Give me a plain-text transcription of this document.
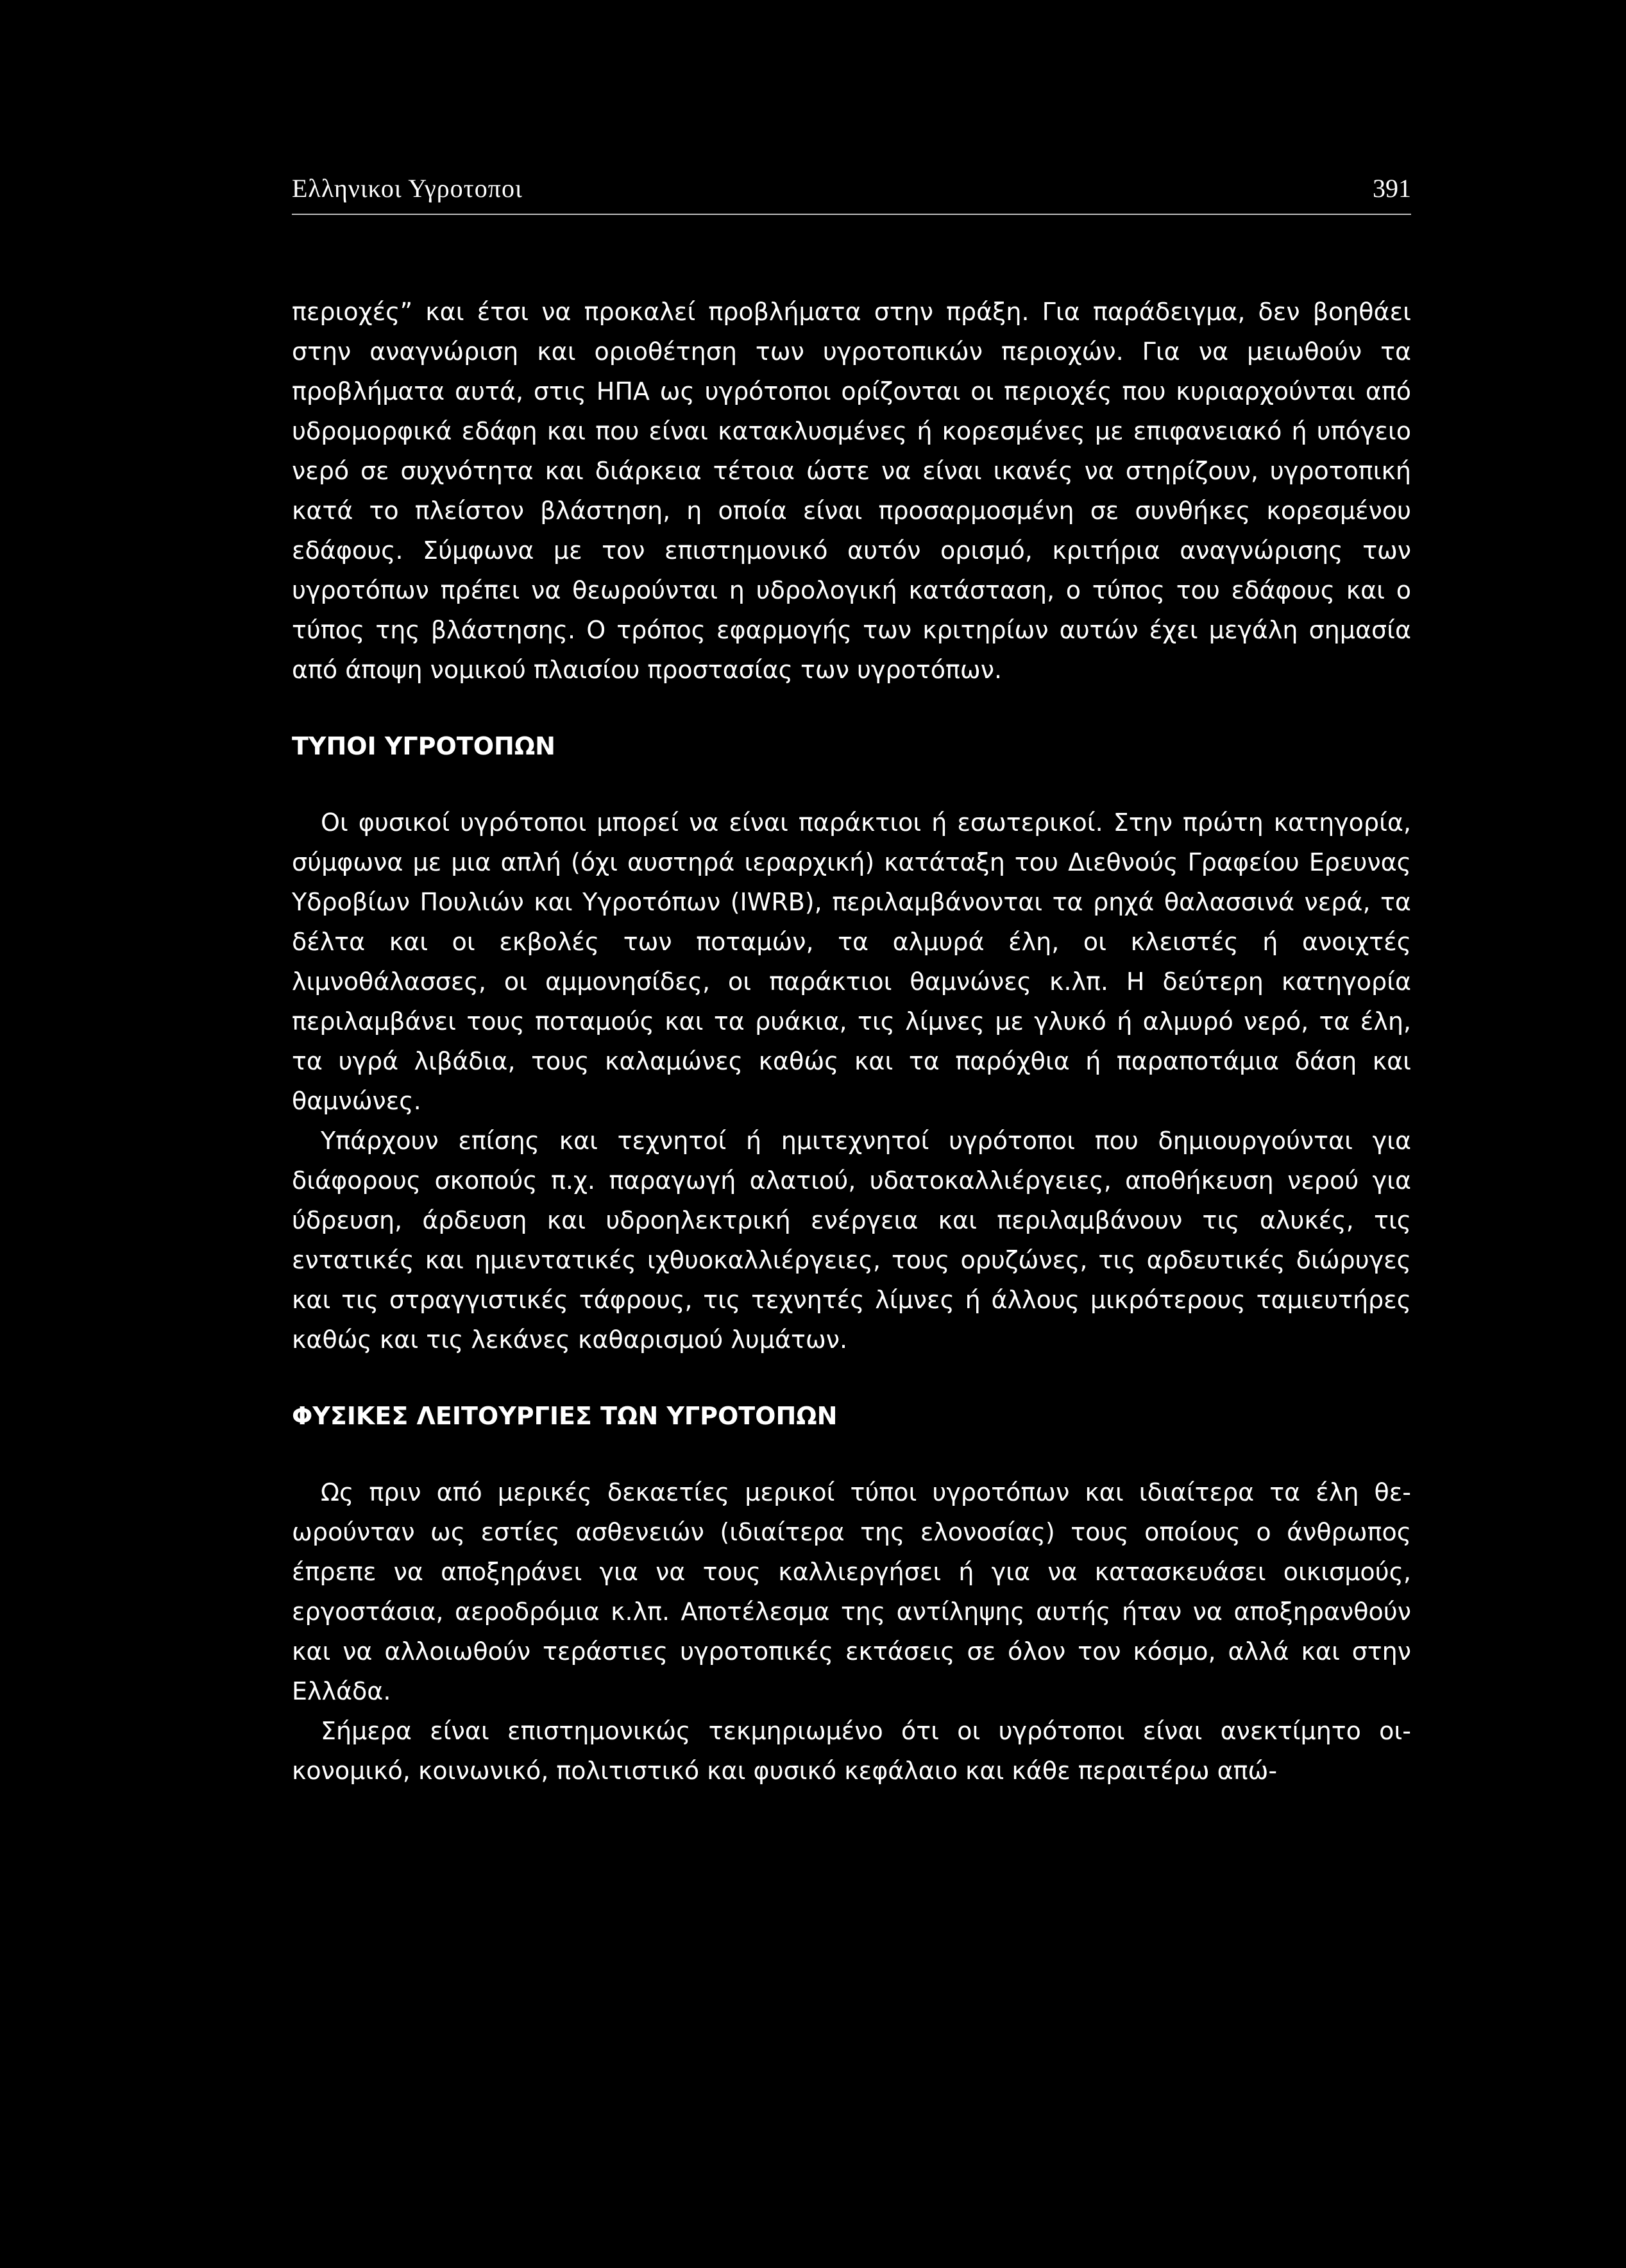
Ελληνικοι Υγροτοποι	391

περιοχές” και έτσι να προκαλεί προβλήματα στην πράξη. Για παράδειγμα, δεν βοηθάει στην αναγνώριση και οριοθέτηση των υγροτοπικών περιοχών. Για να μειωθούν τα προβλήματα αυτά, στις ΗΠΑ ως υγρότοποι ορίζονται οι περιοχές που κυριαρχούνται από υδρομορφικά εδάφη και που είναι κατακλυσμένες ή κορεσμένες με επιφανειακό ή υπόγειο νερό σε συχνότητα και διάρκεια τέτοια ώστε να είναι ικανές να στηρίζουν, υγροτοπική κατά το πλείστον βλάστηση, η οποία είναι προσαρμοσμένη σε συνθήκες κορεσμένου εδάφους. Σύμφωνα με τον επιστημονικό αυτόν ορισμό, κριτήρια αναγνώρισης των υγροτόπων πρέπει να θεωρούνται η υδρολογική κατάσταση, ο τύπος του εδάφους και ο τύπος της βλάστησης. Ο τρόπος εφαρμογής των κριτηρίων αυτών έχει μεγάλη σημασία από άποψη νομικού πλαισίου προστασίας των υγροτόπων.

ΤΥΠΟΙ ΥΓΡΟΤΟΠΩΝ

Οι φυσικοί υγρότοποι μπορεί να είναι παράκτιοι ή εσωτερικοί. Στην πρώτη κατηγορία, σύμφωνα με μια απλή (όχι αυστηρά ιεραρχική) κατάταξη του Διεθνούς Γραφείου Ερευνας Υδροβίων Πουλιών και Υγροτόπων (IWRB), περιλαμβάνονται τα ρηχά θαλασσινά νερά, τα δέλτα και οι εκβολές των ποταμών, τα αλμυρά έλη, οι κλειστές ή ανοιχτές λιμνοθάλασσες, οι αμμονησίδες, οι παράκτιοι θαμνώνες κ.λπ. Η δεύτερη κατηγορία περιλαμβάνει τους ποταμούς και τα ρυάκια, τις λίμνες με γλυκό ή αλμυρό νερό, τα έλη, τα υγρά λιβάδια, τους καλαμώνες καθώς και τα παρόχθια ή παραποτάμια δάση και θαμνώνες.

Υπάρχουν επίσης και τεχνητοί ή ημιτεχνητοί υγρότοποι που δημιουργούνται για διάφορους σκοπούς π.χ. παραγωγή αλατιού, υδατοκαλλιέργειες, αποθήκευση νερού για ύδρευση, άρδευση και υδροηλεκτρική ενέργεια και περιλαμβάνουν τις αλυκές, τις εντατικές και ημιεντατικές ιχθυοκαλλιέργειες, τους ορυζώνες, τις αρδευτικές διώρυγες και τις στραγγιστικές τάφρους, τις τεχνητές λίμνες ή άλλους μικρότερους ταμιευτήρες καθώς και τις λεκάνες καθαρισμού λυμάτων.

ΦΥΣΙΚΕΣ ΛΕΙΤΟΥΡΓΙΕΣ ΤΩΝ ΥΓΡΟΤΟΠΩΝ

Ως πριν από μερικές δεκαετίες μερικοί τύποι υγροτόπων και ιδιαίτερα τα έλη θεωρούνταν ως εστίες ασθενειών (ιδιαίτερα της ελονοσίας) τους οποίους ο άνθρωπος έπρεπε να αποξηράνει για να τους καλλιεργήσει ή για να κατασκευάσει οικισμούς, εργοστάσια, αεροδρόμια κ.λπ. Αποτέλεσμα της αντίληψης αυτής ήταν να αποξηρανθούν και να αλλοιωθούν τεράστιες υγροτοπικές εκτάσεις σε όλον τον κόσμο, αλλά και στην Ελλάδα.

Σήμερα είναι επιστημονικώς τεκμηριωμένο ότι οι υγρότοποι είναι ανεκτίμητο οικονομικό, κοινωνικό, πολιτιστικό και φυσικό κεφάλαιο και κάθε περαιτέρω απώ-
